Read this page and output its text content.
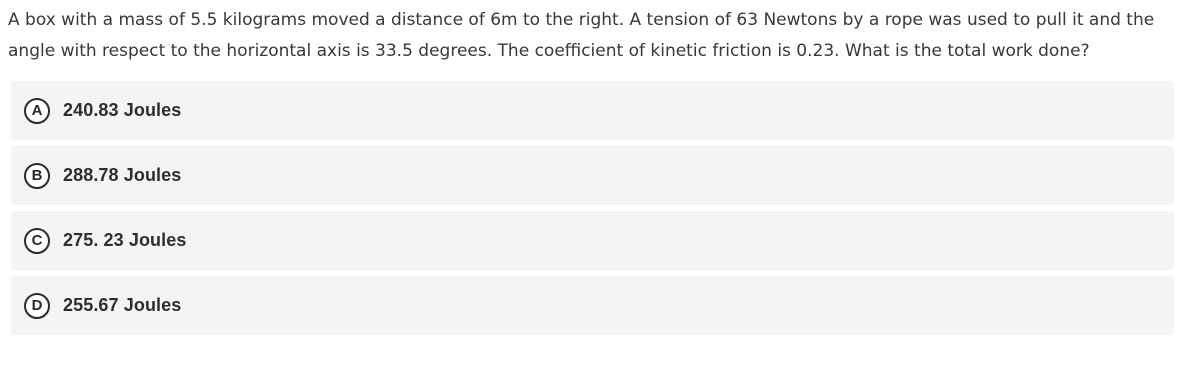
A box with a mass of 5.5 kilograms moved a distance of 6m to the right. A tension of 63 Newtons by a rope was used to pull it and the angle with respect to the horizontal axis is 33.5 degrees. The coefficient of kinetic friction is 0.23. What is the total work done?

A	240.83 Joules
B	288.78 Joules
C	275. 23 Joules
D	255.67 Joules
